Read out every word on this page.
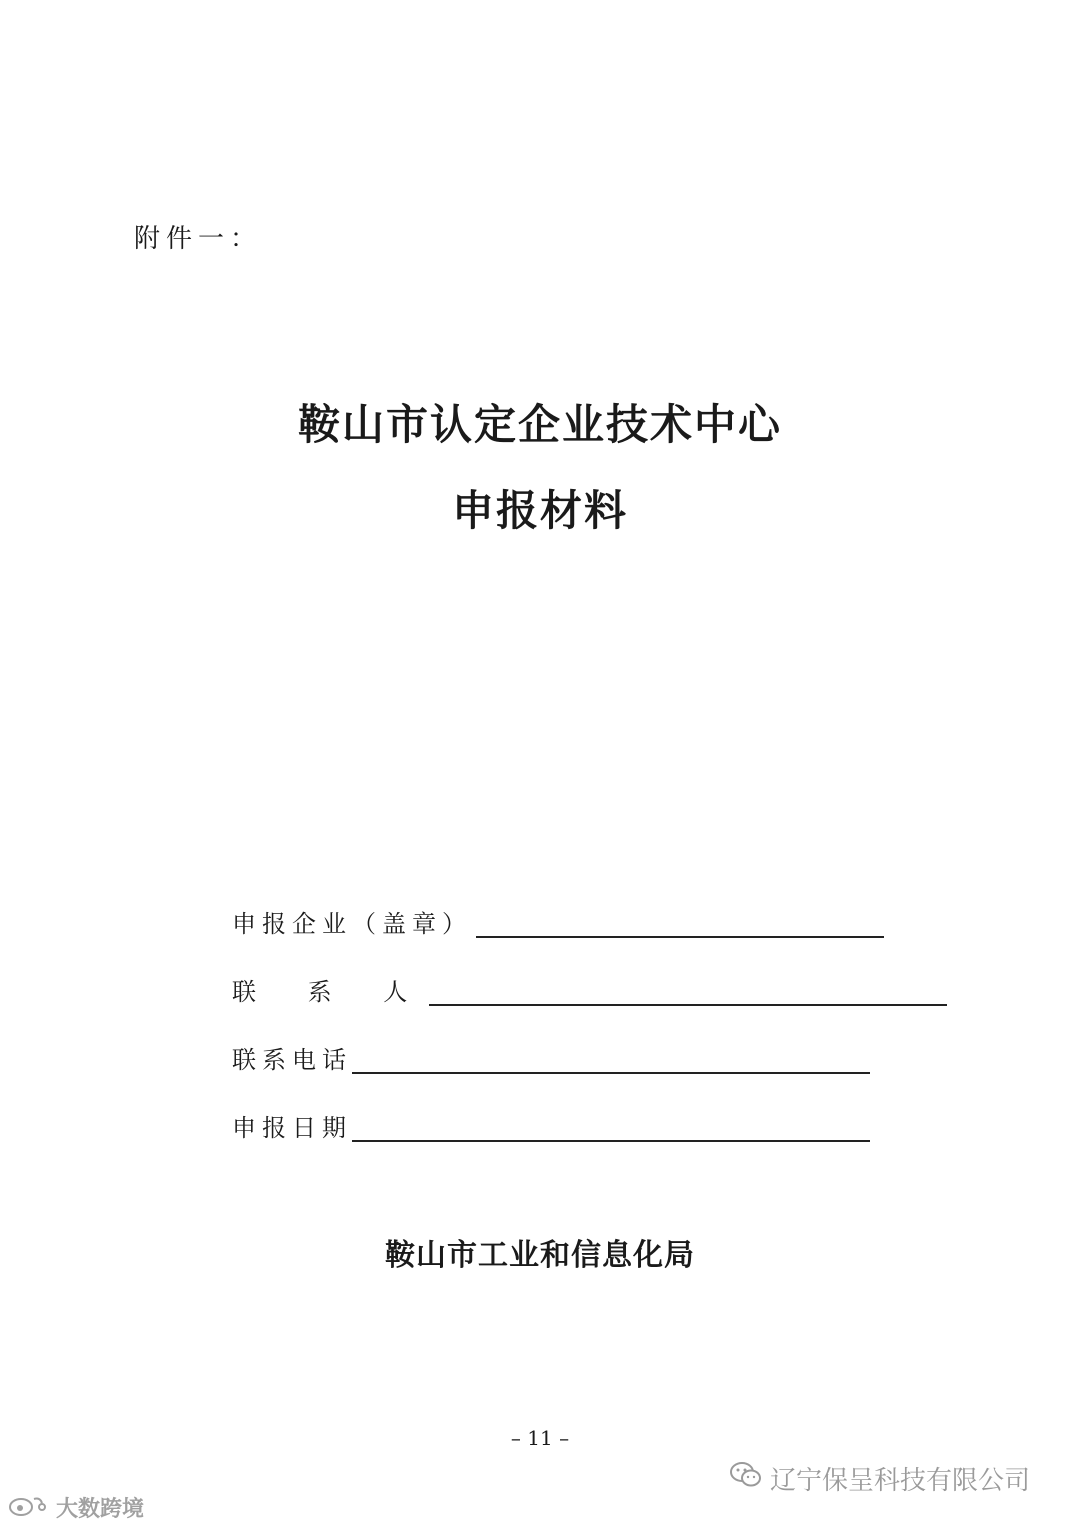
附件一：
鞍山市认定企业技术中心
申报材料
申报企业（盖章）
联 系 人
联系电话
申报日期
鞍山市工业和信息化局
– 11 –
辽宁保呈科技有限公司
大数跨境
